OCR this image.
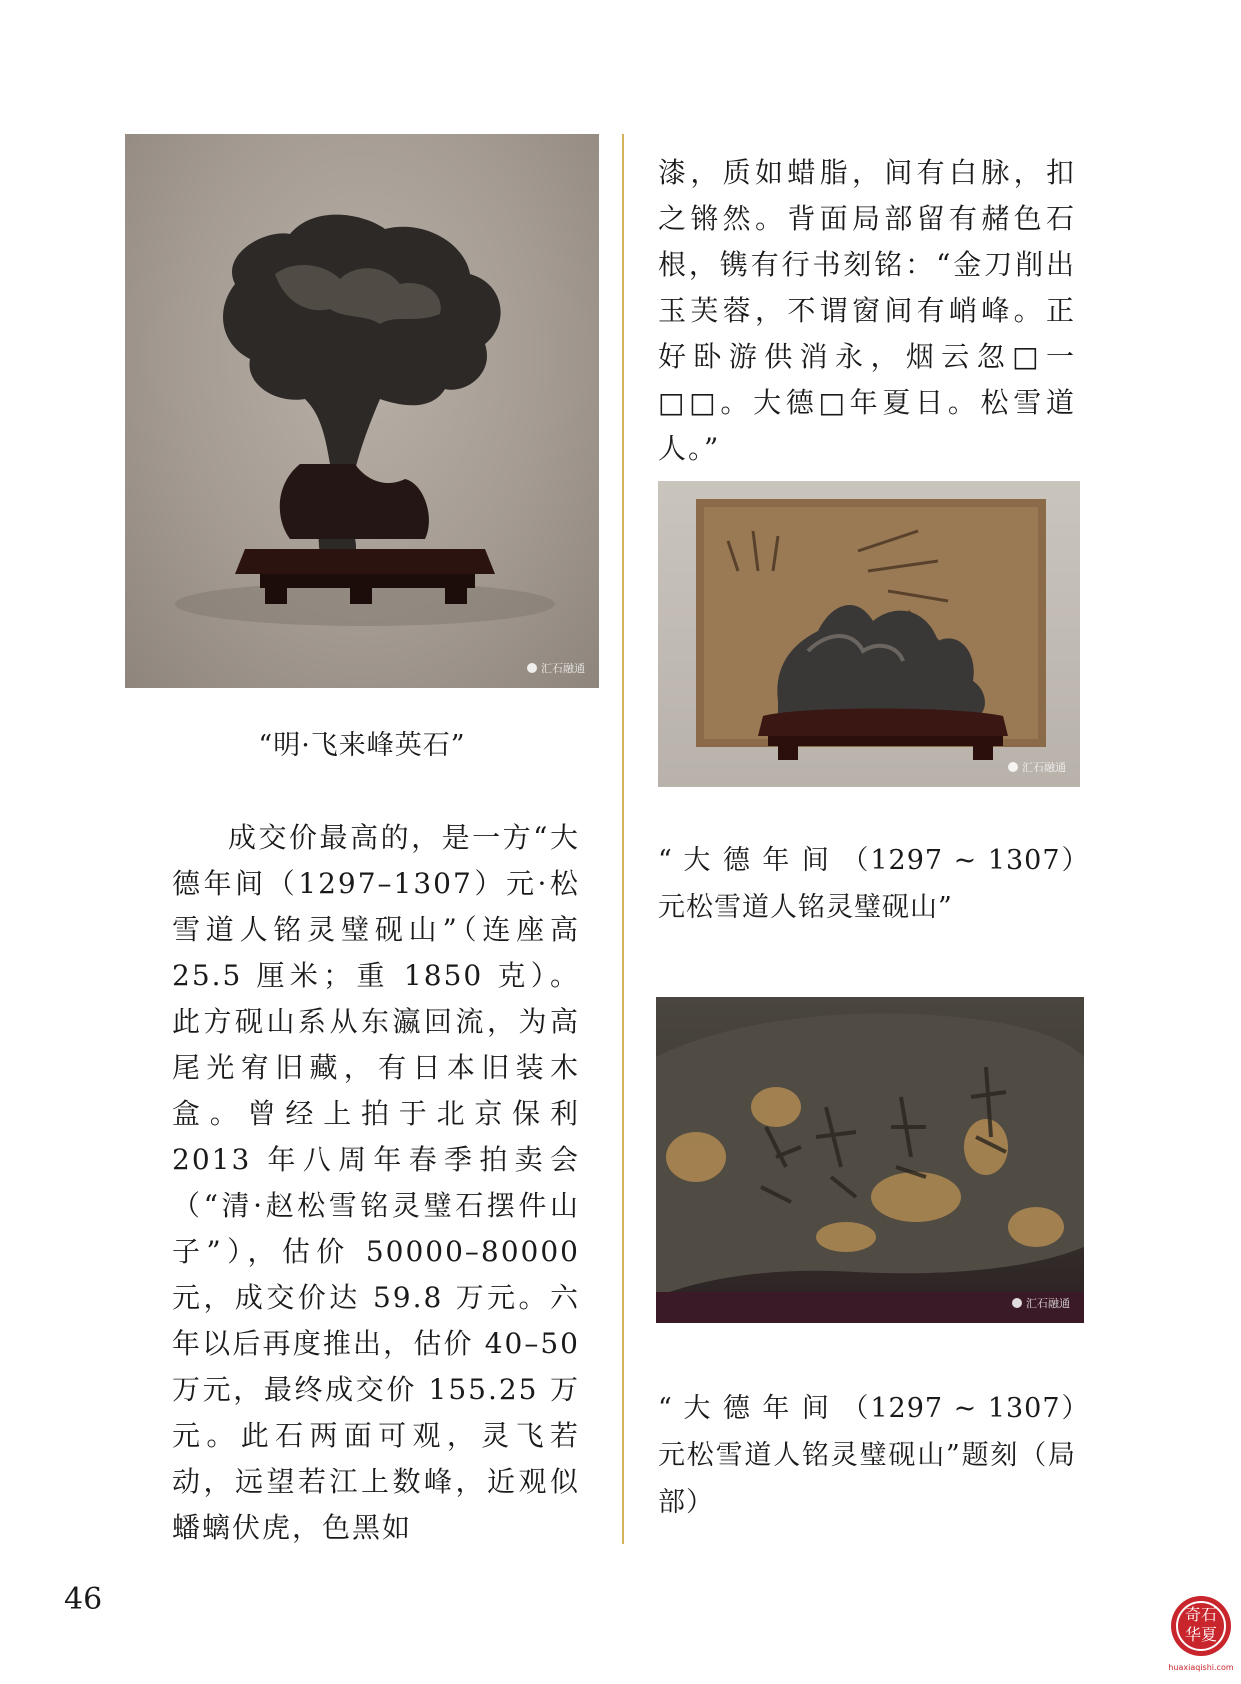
汇石融通
“明·飞来峰英石”
成交价最高的，是一方“大德年间（1297–1307）元·松雪道人铭灵璧砚山”（连座高25.5 厘米；重 1850 克）。此方砚山系从东瀛回流，为高尾光宥旧藏，有日本旧装木盒。曾经上拍于北京保利 2013 年八周年春季拍卖会（“清·赵松雪铭灵璧石摆件山子”），估价 50000–80000 元，成交价达 59.8 万元。六年以后再度推出，估价 40–50 万元，最终成交价 155.25 万元。此石两面可观，灵飞若动，远望若江上数峰，近观似蟠螭伏虎，色黑如
漆，质如蜡脂，间有白脉，扣之锵然。背面局部留有赭色石根，镌有行书刻铭：“金刀削出玉芙蓉，不谓窗间有峭峰。正好卧游供消永，烟云忽□一□□。大德□年夏日。松雪道人。”
汇石融通
“ 大 德 年 间 （1297 ~ 1307）元松雪道人铭灵璧砚山”
汇石融通
“ 大 德 年 间 （1297 ~ 1307）元松雪道人铭灵璧砚山”题刻（局部）
46	奇石
华夏
huaxiaqishi.com
